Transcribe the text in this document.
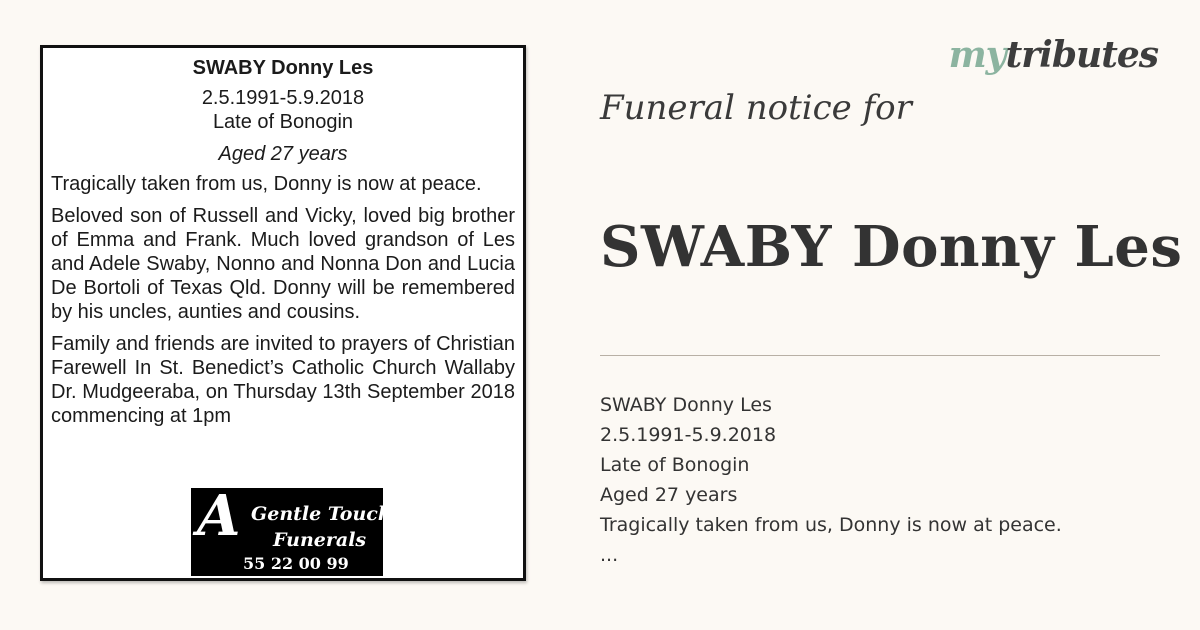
SWABY Donny Les
2.5.1991-5.9.2018
Late of Bonogin
Aged 27 years

Tragically taken from us, Donny is now at peace.

Beloved son of Russell and Vicky, loved big brother of Emma and Frank. Much loved grandson of Les and Adele Swaby, Nonno and Nonna Don and Lucia De Bortoli of Texas Qld. Donny will be remembered by his uncles, aunties and cousins.

Family and friends are invited to prayers of Christian Farewell In St. Benedict’s Catholic Church Wallaby Dr. Mudgeeraba, on Thursday 13th September 2018 commencing at 1pm

A Gentle Touch
Funerals
55 22 00 99
mytributes
Funeral notice for
SWABY Donny Les
SWABY Donny Les
2.5.1991-5.9.2018
Late of Bonogin
Aged 27 years
Tragically taken from us, Donny is now at peace.
...
